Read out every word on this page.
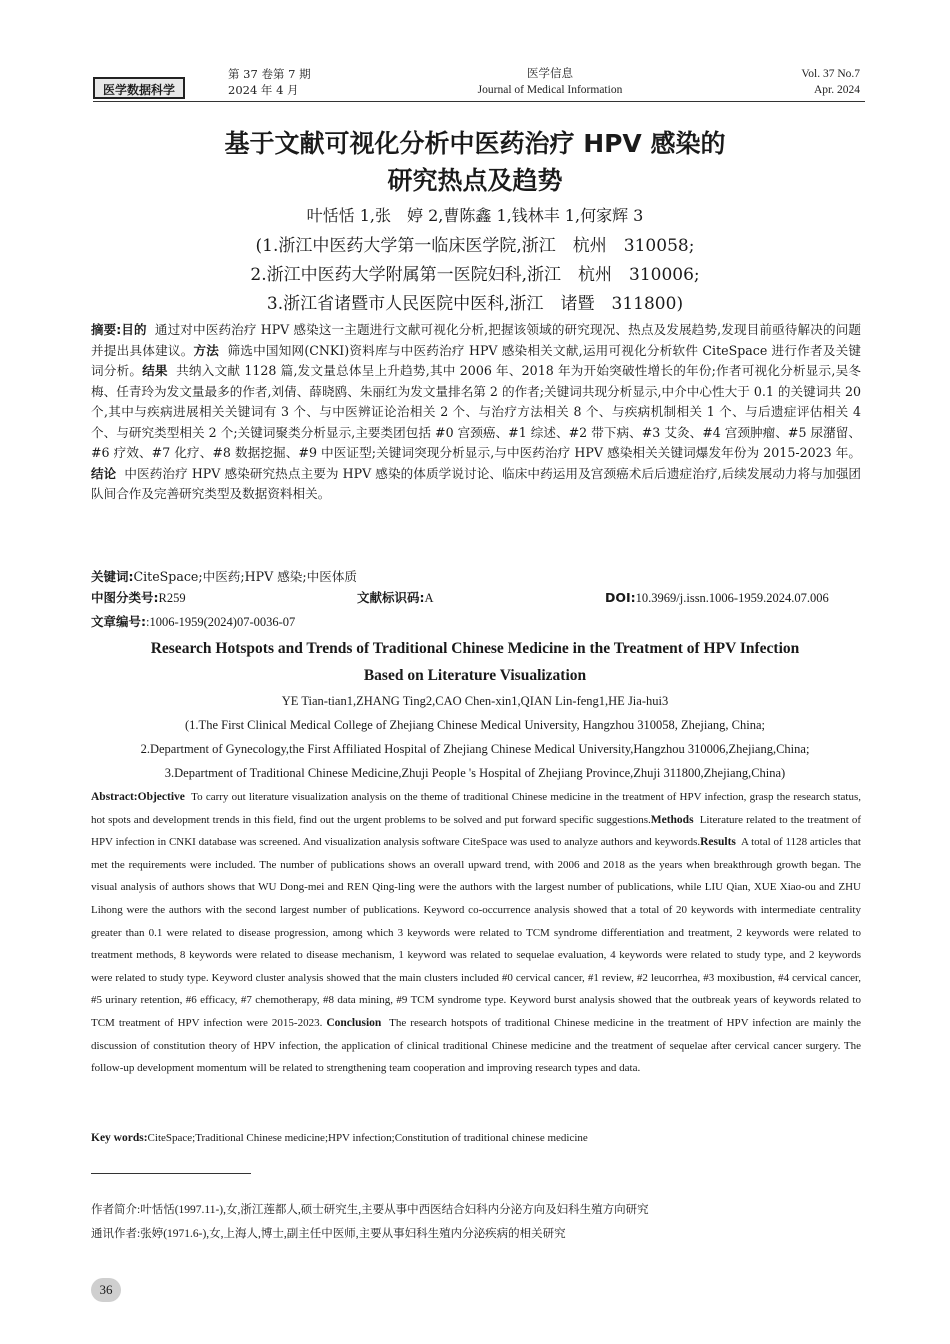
医学数据科学
第 37 卷第 7 期
2024 年 4 月
医学信息
Journal of Medical Information
Vol. 37 No.7
Apr. 2024
基于文献可视化分析中医药治疗 HPV 感染的
研究热点及趋势
叶恬恬 1,张　婷 2,曹陈鑫 1,钱林丰 1,何家辉 3
(1.浙江中医药大学第一临床医学院,浙江　杭州　310058;
2.浙江中医药大学附属第一医院妇科,浙江　杭州　310006;
3.浙江省诸暨市人民医院中医科,浙江　诸暨　311800)
摘要:目的 通过对中医药治疗 HPV 感染这一主题进行文献可视化分析,把握该领域的研究现况、热点及发展趋势,发现目前亟待解决的问题并提出具体建议。方法 筛选中国知网(CNKI)资料库与中医药治疗 HPV 感染相关文献,运用可视化分析软件 CiteSpace 进行作者及关键词分析。结果 共纳入文献 1128 篇,发文量总体呈上升趋势,其中 2006 年、2018 年为开始突破性增长的年份;作者可视化分析显示,吴冬梅、任青玲为发文量最多的作者,刘倩、薛晓鸥、朱丽红为发文量排名第 2 的作者;关键词共现分析显示,中介中心性大于 0.1 的关键词共 20 个,其中与疾病进展相关关键词有 3 个、与中医辨证论治相关 2 个、与治疗方法相关 8 个、与疾病机制相关 1 个、与后遗症评估相关 4 个、与研究类型相关 2 个;关键词聚类分析显示,主要类团包括 #0 宫颈癌、#1 综述、#2 带下病、#3 艾灸、#4 宫颈肿瘤、#5 尿潴留、#6 疗效、#7 化疗、#8 数据挖掘、#9 中医证型;关键词突现分析显示,与中医药治疗 HPV 感染相关关键词爆发年份为 2015-2023 年。结论 中医药治疗 HPV 感染研究热点主要为 HPV 感染的体质学说讨论、临床中药运用及宫颈癌术后后遗症治疗,后续发展动力将与加强团队间合作及完善研究类型及数据资料相关。
关键词:CiteSpace;中医药;HPV 感染;中医体质
中图分类号:R259	文献标识码:A	DOI:10.3969/j.issn.1006-1959.2024.07.006
文章编号::1006-1959(2024)07-0036-07
Research Hotspots and Trends of Traditional Chinese Medicine in the Treatment of HPV Infection
Based on Literature Visualization
YE Tian-tian1,ZHANG Ting2,CAO Chen-xin1,QIAN Lin-feng1,HE Jia-hui3
(1.The First Clinical Medical College of Zhejiang Chinese Medical University, Hangzhou 310058, Zhejiang, China;
2.Department of Gynecology,the First Affiliated Hospital of Zhejiang Chinese Medical University,Hangzhou 310006,Zhejiang,China;
3.Department of Traditional Chinese Medicine,Zhuji People 's Hospital of Zhejiang Province,Zhuji 311800,Zhejiang,China)
Abstract:Objective To carry out literature visualization analysis on the theme of traditional Chinese medicine in the treatment of HPV infection, grasp the research status, hot spots and development trends in this field, find out the urgent problems to be solved and put forward specific suggestions.Methods Literature related to the treatment of HPV infection in CNKI database was screened. And visualization analysis software CiteSpace was used to analyze authors and keywords.Results A total of 1128 articles that met the requirements were included. The number of publications shows an overall upward trend, with 2006 and 2018 as the years when breakthrough growth began. The visual analysis of authors shows that WU Dong-mei and REN Qing-ling were the authors with the largest number of publications, while LIU Qian, XUE Xiao-ou and ZHU Lihong were the authors with the second largest number of publications. Keyword co-occurrence analysis showed that a total of 20 keywords with intermediate centrality greater than 0.1 were related to disease progression, among which 3 keywords were related to TCM syndrome differentiation and treatment, 2 keywords were related to treatment methods, 8 keywords were related to disease mechanism, 1 keyword was related to sequelae evaluation, 4 keywords were related to study type, and 2 keywords were related to study type. Keyword cluster analysis showed that the main clusters included #0 cervical cancer, #1 review, #2 leucorrhea, #3 moxibustion, #4 cervical cancer, #5 urinary retention, #6 efficacy, #7 chemotherapy, #8 data mining, #9 TCM syndrome type. Keyword burst analysis showed that the outbreak years of keywords related to TCM treatment of HPV infection were 2015-2023. Conclusion The research hotspots of traditional Chinese medicine in the treatment of HPV infection are mainly the discussion of constitution theory of HPV infection, the application of clinical traditional Chinese medicine and the treatment of sequelae after cervical cancer surgery. The follow-up development momentum will be related to strengthening team cooperation and improving research types and data.
Key words:CiteSpace;Traditional Chinese medicine;HPV infection;Constitution of traditional chinese medicine
作者简介:叶恬恬(1997.11-),女,浙江莲都人,硕士研究生,主要从事中西医结合妇科内分泌方向及妇科生殖方向研究
通讯作者:张婷(1971.6-),女,上海人,博士,副主任中医师,主要从事妇科生殖内分泌疾病的相关研究
36
